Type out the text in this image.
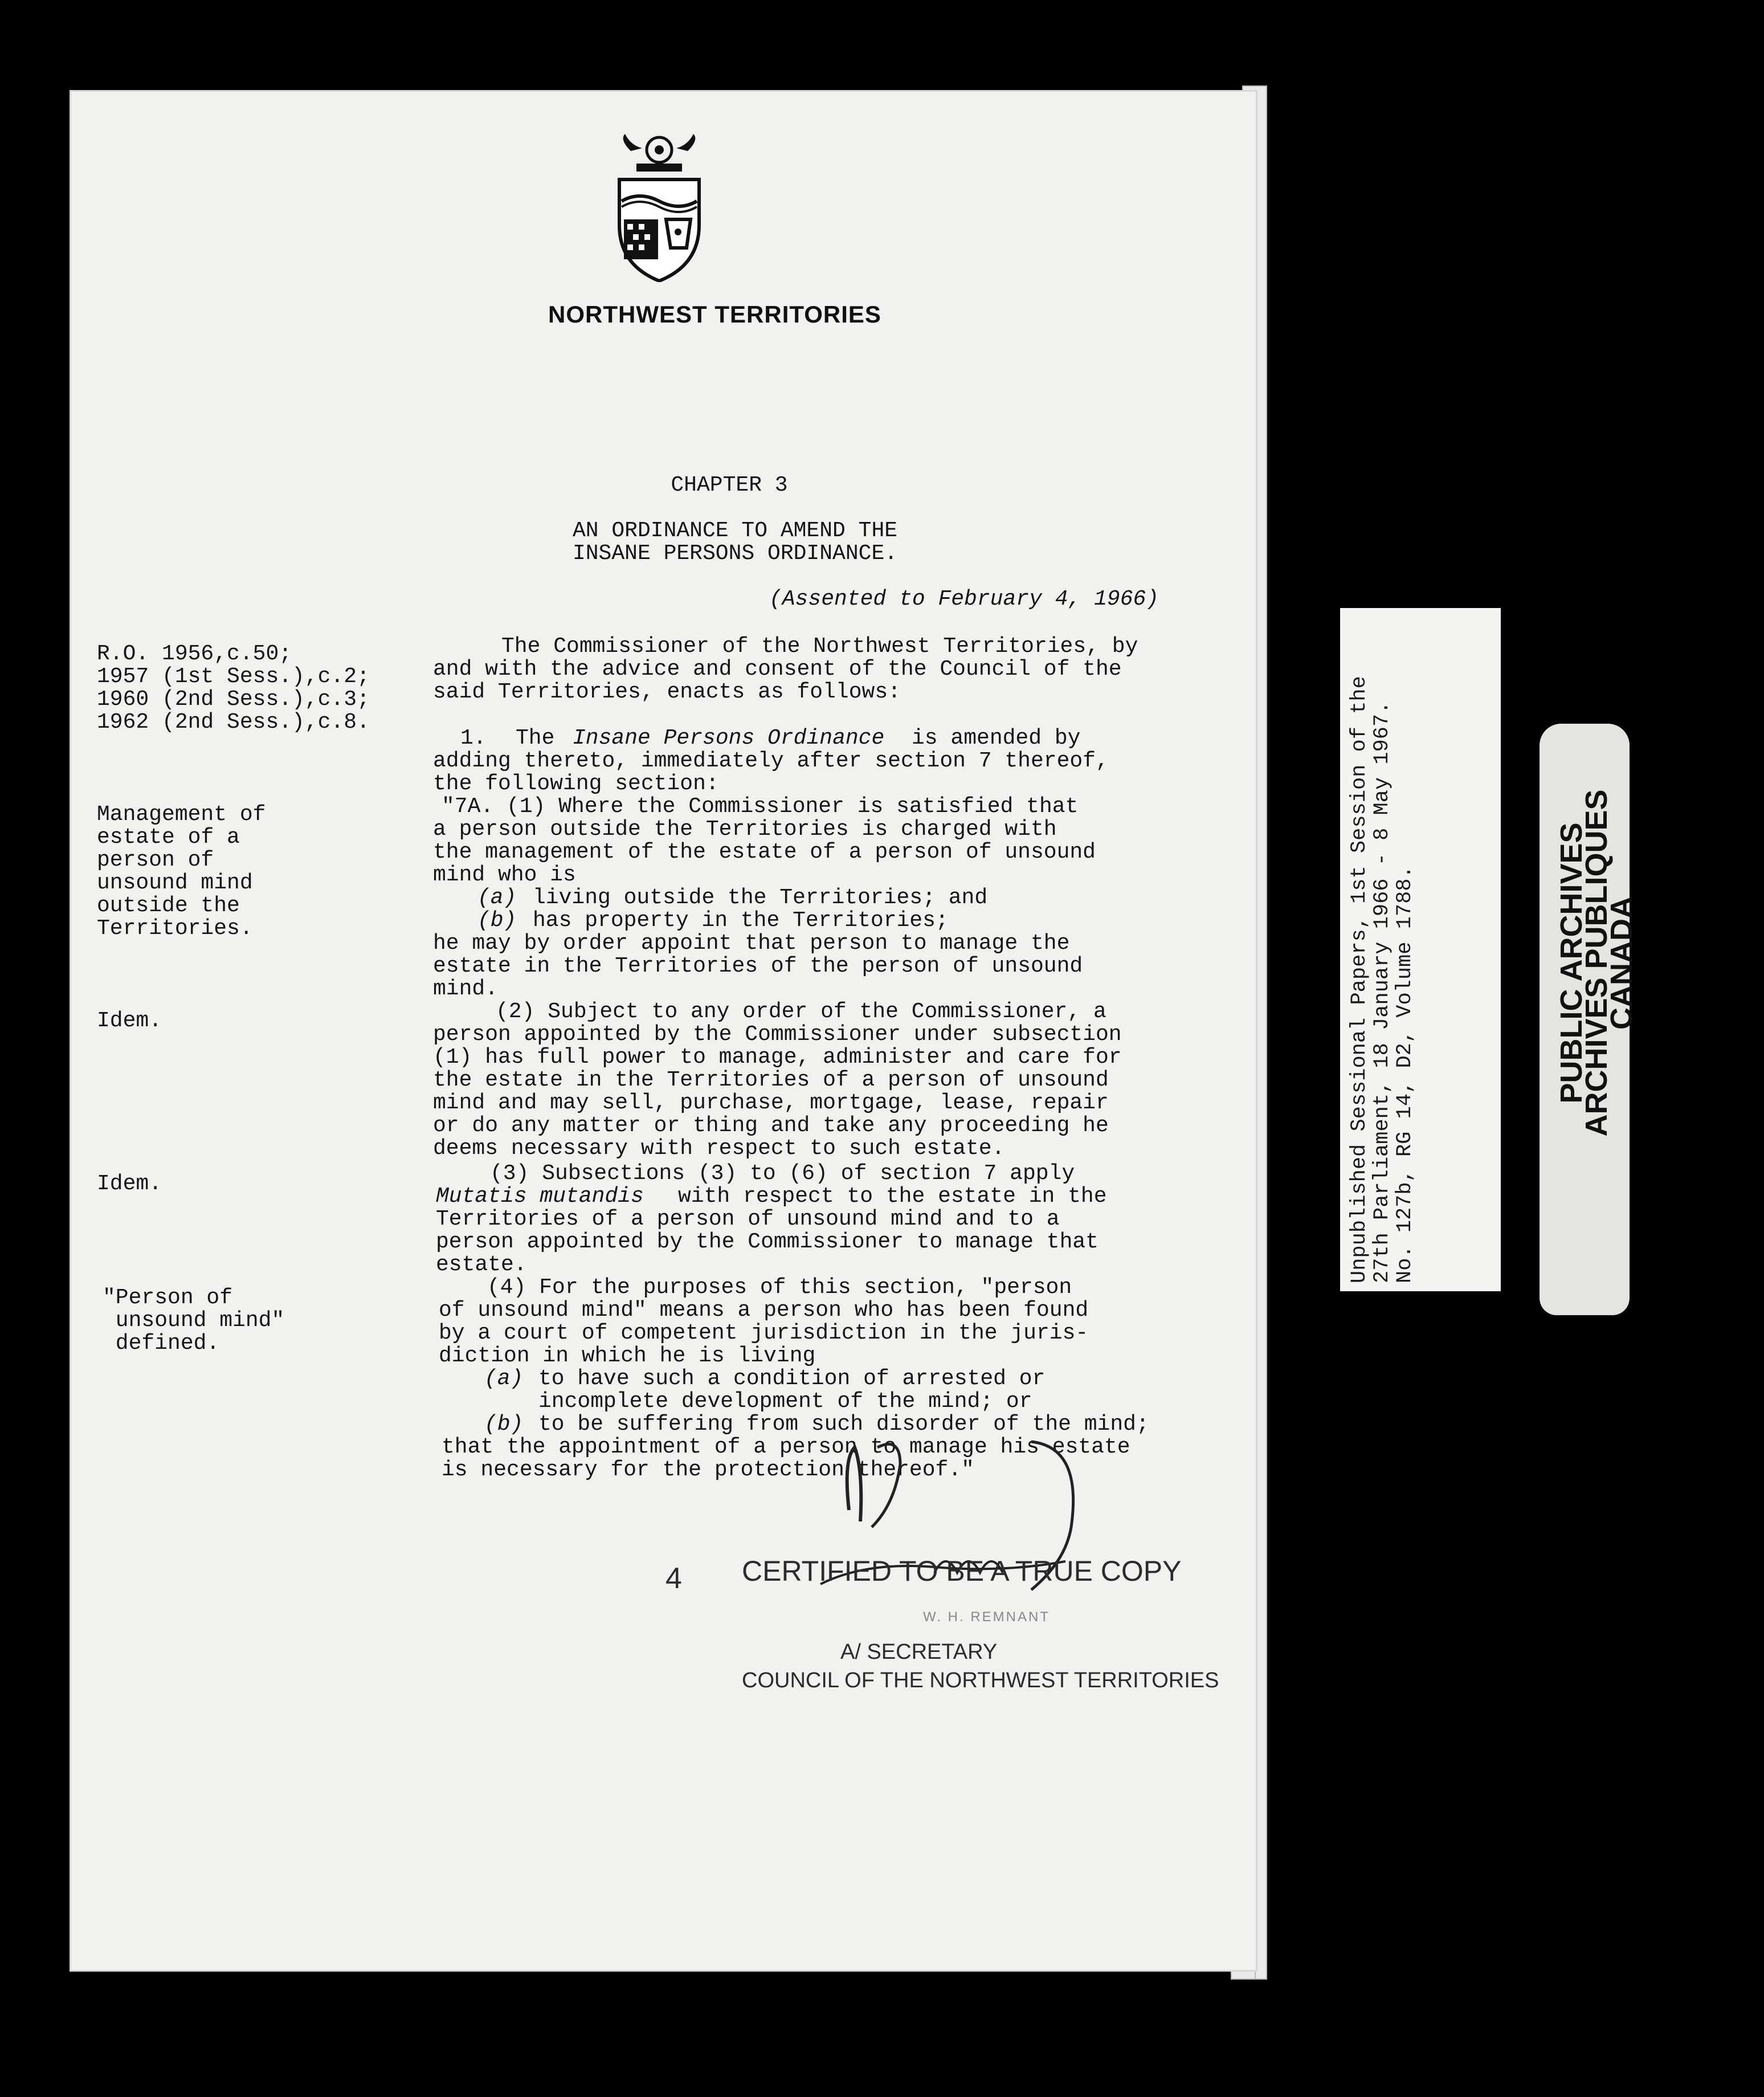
NORTHWEST TERRITORIES
CHAPTER 3
AN ORDINANCE TO AMEND THE
INSANE PERSONS ORDINANCE.
(Assented to February 4, 1966)
R.O. 1956,c.50;
1957 (1st Sess.),c.2;
1960 (2nd Sess.),c.3;
1962 (2nd Sess.),c.8.
Management of
estate of a
person of
unsound mind
outside the
Territories.
Idem.
Idem.
"Person of
unsound mind"
defined.
The Commissioner of the Northwest Territories, by
and with the advice and consent of the Council of the
said Territories, enacts as follows:
1. The Insane Persons Ordinance is amended by
adding thereto, immediately after section 7 thereof,
the following section:
"7A. (1) Where the Commissioner is satisfied that
a person outside the Territories is charged with
the management of the estate of a person of unsound
mind who is
(a) living outside the Territories; and
(b) has property in the Territories;
he may by order appoint that person to manage the
estate in the Territories of the person of unsound
mind.
(2) Subject to any order of the Commissioner, a
person appointed by the Commissioner under subsection
(1) has full power to manage, administer and care for
the estate in the Territories of a person of unsound
mind and may sell, purchase, mortgage, lease, repair
or do any matter or thing and take any proceeding he
deems necessary with respect to such estate.
(3) Subsections (3) to (6) of section 7 apply
Mutatis mutandis with respect to the estate in the
Territories of a person of unsound mind and to a
person appointed by the Commissioner to manage that
estate.
(4) For the purposes of this section, "person
of unsound mind" means a person who has been found
by a court of competent jurisdiction in the juris-
diction in which he is living
(a) to have such a condition of arrested or
incomplete development of the mind; or
(b) to be suffering from such disorder of the mind;
that the appointment of a person to manage his estate
is necessary for the protection thereof."
4 CERTIFIED TO BE A TRUE COPY
W. H. REMNANT
A/ SECRETARY
COUNCIL OF THE NORTHWEST TERRITORIES
Unpublished Sessional Papers, 1st Session of the
27th Parliament, 18 January 1966 - 8 May 1967.
No. 127b, RG 14, D2, Volume 1788.	PUBLIC ARCHIVES
ARCHIVES PUBLIQUES
CANADA
